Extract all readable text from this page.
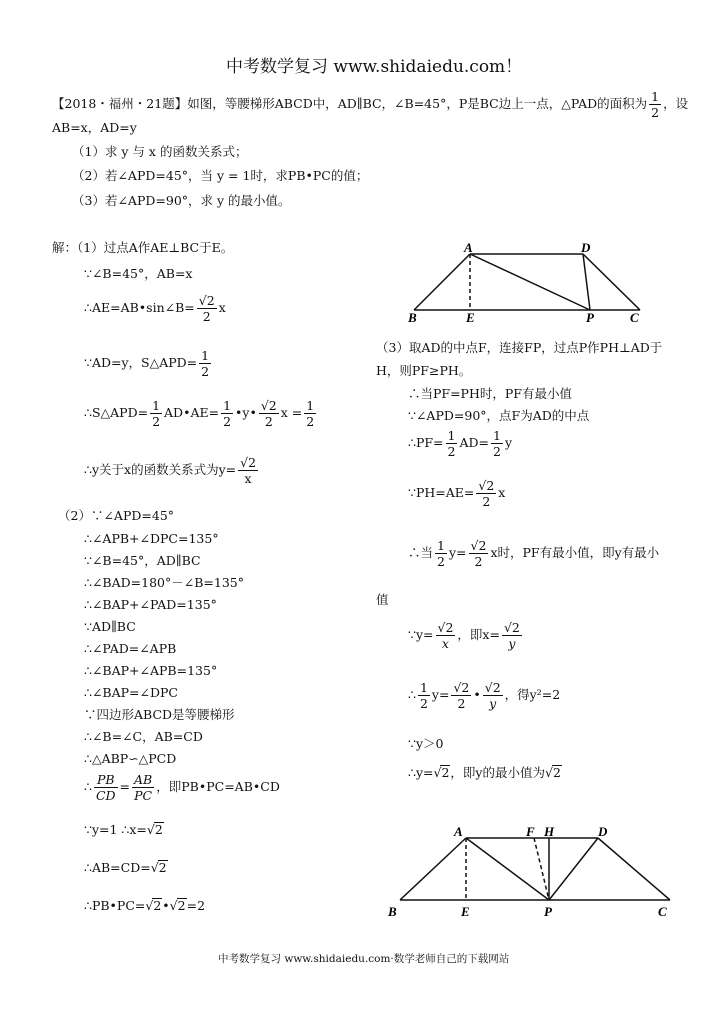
中考数学复习 www.shidaiedu.com！
【2018・福州・21题】如图，等腰梯形ABCD中，AD∥BC，∠B=45°，P是BC边上一点，△PAD的面积为 $\frac{1}{2}$ ，设
AB=x，AD=y
（1）求 y 与 x 的函数关系式；
（2）若∠APD=45°，当 y = 1时，求PB•PC的值；
（3）若∠APD=90°，求 y 的最小值。
解：（1）过点A作AE⊥BC于E。
∵∠B=45°，AB=x
∴AE=AB•sin∠B= $\frac{√2}{2}$ x
∵AD=y，S△APD= $\frac{1}{2}$
∴S△APD= $\frac{1}{2}$ AD•AE= $\frac{1}{2}$ •y• $\frac{√2}{2}$ $x = \frac{1}{2}$
∴y关于x的函数关系式为$y= \frac{√2}{x}$
（2）∵∠APD=45°
∴∠APB+∠DPC=135°
∵∠B=45°，AD∥BC
∴∠BAD=180°－∠B=135°
∴∠BAP+∠PAD=135°
∵AD∥BC
∴∠PAD=∠APB
∴∠BAP+∠APB=135°
∴∠BAP=∠DPC
∵四边形ABCD是等腰梯形
∴∠B=∠C，AB=CD
∴△ABP∽△PCD
∴ $\frac{PB}{CD} = \frac{AB}{PC}$ ，即PB•PC=AB•CD
∵y=1 ∴x=√2
∴AB=CD=√2
∴PB•PC=√2•√2=2
A	D
B	E	P	C
（3）取AD的中点F，连接FP，过点P作PH⊥AD于
H，则PF≥PH。
∴当PF=PH时，PF有最小值
∵∠APD=90°，点F为AD的中点
∴PF= $\frac{1}{2} AD= \frac{1}{2}$ y
∵PH=AE= $\frac{√2}{2}$ x
∴当 $\frac{1}{2} y= \frac{√2}{2}$ x时，PF有最小值，即y有最小
值
∵y= $\frac{√2}{x}$ ，即$x= \frac{√2}{y}$
∴ $\frac{1}{2} y= \frac{√2}{2}$ • $\frac{√2}{y}$ ，得y²=2
∵y＞0
∴y=√2，即y的最小值为√2
A	F H	D
B	E	P	C
中考数学复习 www.shidaiedu.com·数学老师自己的下载网站
